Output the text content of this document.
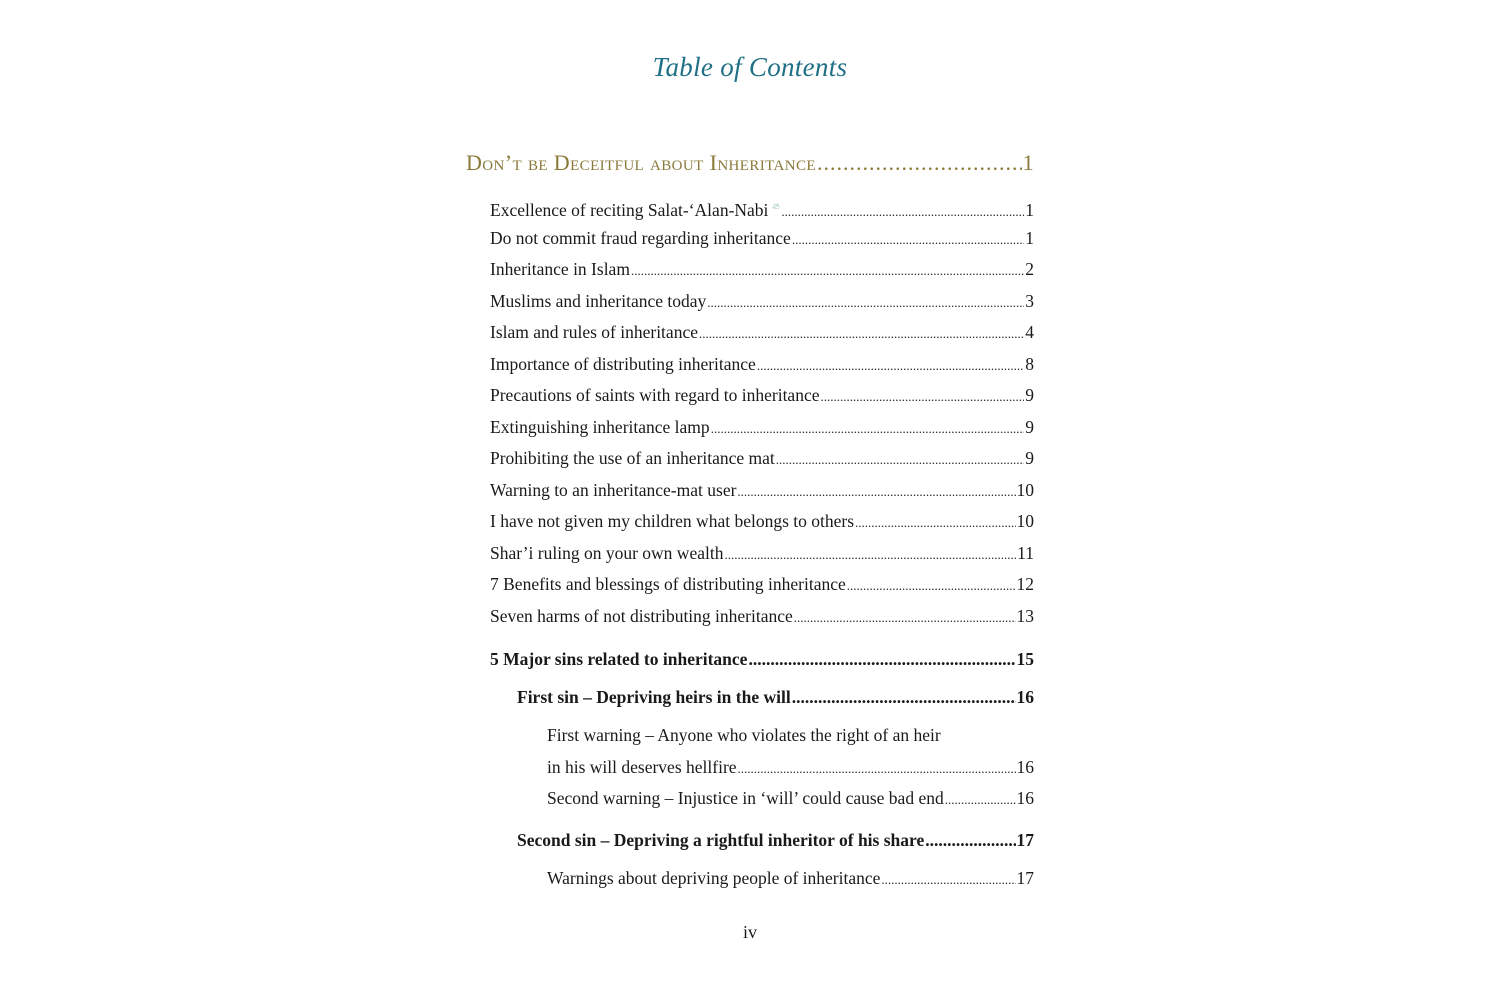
Table of Contents
Don’t be Deceitful about Inheritance .....	1
Excellence of reciting Salat-‘Alan-Nabi .....	1
Do not commit fraud regarding inheritance .....	1
Inheritance in Islam .....	2
Muslims and inheritance today .....	3
Islam and rules of inheritance .....	4
Importance of distributing inheritance .....	8
Precautions of saints with regard to inheritance .....	9
Extinguishing inheritance lamp .....	9
Prohibiting the use of an inheritance mat .....	9
Warning to an inheritance-mat user .....	10
I have not given my children what belongs to others .....	10
Shar’i ruling on your own wealth .....	11
7 Benefits and blessings of distributing inheritance .....	12
Seven harms of not distributing inheritance .....	13
5 Major sins related to inheritance .....	15
First sin – Depriving heirs in the will .....	16
First warning – Anyone who violates the right of an heir
in his will deserves hellfire .....	16
Second warning – Injustice in ‘will’ could cause bad end .....	16
Second sin – Depriving a rightful inheritor of his share .....	17
Warnings about depriving people of inheritance .....	17
iv
